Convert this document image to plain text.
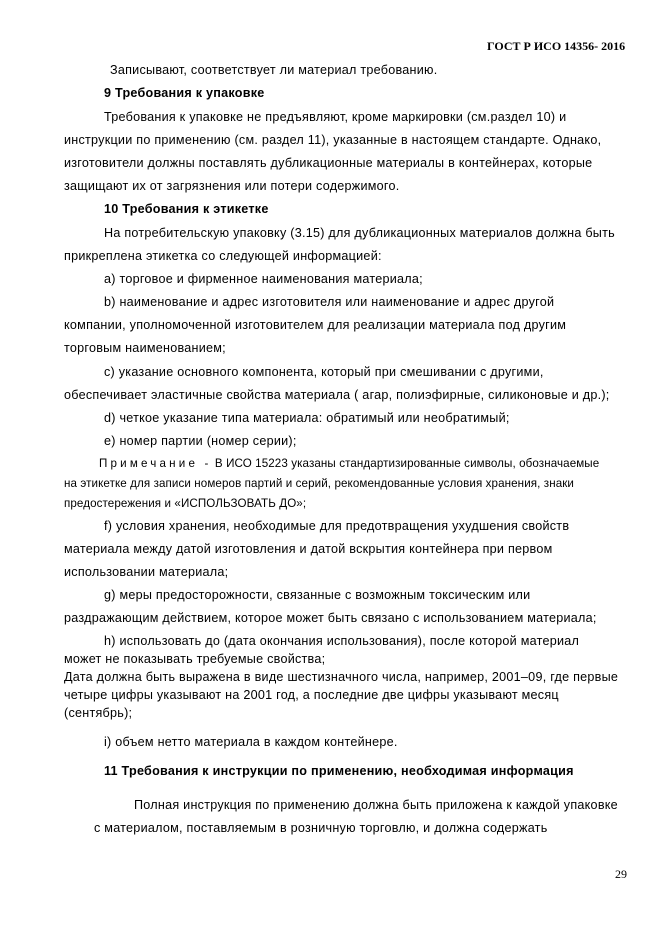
ГОСТ Р ИСО 14356- 2016
Записывают, соответствует ли материал требованию.
9 Требования к упаковке
Требования к упаковке не предъявляют, кроме маркировки (см.раздел 10) и
инструкции по применению (см. раздел 11), указанные в настоящем стандарте. Однако,
изготовители должны поставлять дубликационные материалы в контейнерах, которые
защищают их от загрязнения или потери содержимого.
10 Требования к этикетке
На потребительскую упаковку (3.15) для дубликационных материалов должна быть
прикреплена этикетка со следующей информацией:
a) торговое и фирменное наименования материала;
b) наименование и адрес изготовителя или наименование и адрес другой
компании, уполномоченной изготовителем для реализации материала под другим
торговым наименованием;
c) указание основного компонента, который при смешивании с другими,
обеспечивает эластичные свойства материала ( агар, полиэфирные, силиконовые и др.);
d) четкое указание типа материала: обратимый или необратимый;
e) номер партии (номер серии);
Примечание - В ИСО 15223 указаны стандартизированные символы, обозначаемые
на этикетке для записи номеров партий и серий, рекомендованные условия хранения, знаки
предостережения и «ИСПОЛЬЗОВАТЬ ДО»;
f) условия хранения, необходимые для предотвращения ухудшения свойств
материала между датой изготовления и датой вскрытия контейнера при первом
использовании материала;
g) меры предосторожности, связанные с возможным токсическим или
раздражающим действием, которое может быть связано с использованием материала;
h) использовать до (дата окончания использования), после которой материал
может не показывать требуемые свойства;
Дата должна быть выражена в виде шестизначного числа, например, 2001–09, где первые
четыре цифры указывают на 2001 год, а последние две цифры указывают месяц
(сентябрь);
i) объем нетто материала в каждом контейнере.
11 Требования к инструкции по применению, необходимая информация
Полная инструкция по применению должна быть приложена к каждой упаковке
с материалом, поставляемым в розничную торговлю, и должна содержать
29
